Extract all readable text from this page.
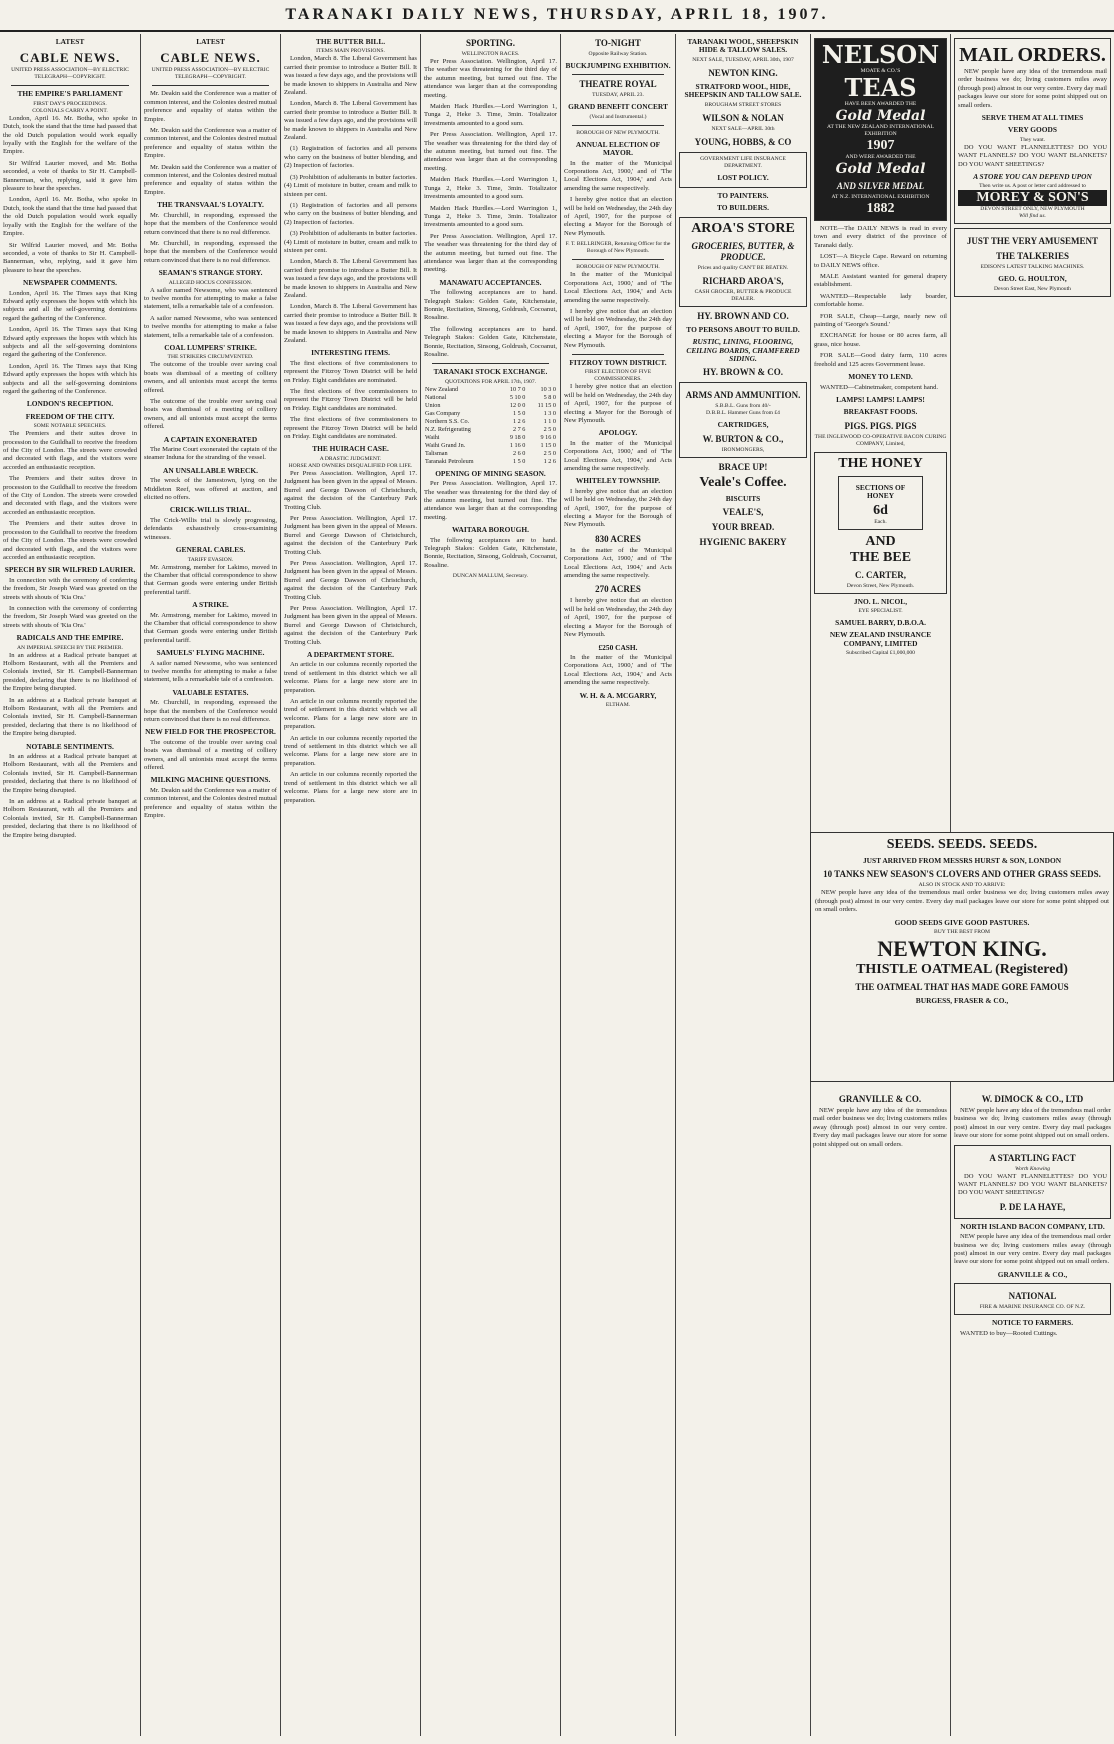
TARANAKI DAILY NEWS, THURSDAY, APRIL 18, 1907.
LATEST
CABLE NEWS.
UNITED PRESS ASSOCIATION—BY ELECTRIC TELEGRAPH—COPYRIGHT.
THE EMPIRE'S PARLIAMENT
FIRST DAY'S PROCEEDINGS.
COLONIALS CARRY A POINT.

London, April 16. Mr. Botha, who spoke in Dutch, took the stand that the time had passed that the old Dutch population would work equally loyally with the English for the welfare of the Empire.

Sir Wilfrid Laurier moved, and Mr. Botha seconded, a vote of thanks to Sir H. Campbell-Bannerman, who, replying, said it gave him pleasure to hear the speeches.

London, April 16. Mr. Botha, who spoke in Dutch, took the stand that the time had passed that the old Dutch population would work equally loyally with the English for the welfare of the Empire.

Sir Wilfrid Laurier moved, and Mr. Botha seconded, a vote of thanks to Sir H. Campbell-Bannerman, who, replying, said it gave him pleasure to hear the speeches.

NEWSPAPER COMMENTS.

London, April 16. The Times says that King Edward aptly expresses the hopes with which his subjects and all the self-governing dominions regard the gathering of the Conference.

London, April 16. The Times says that King Edward aptly expresses the hopes with which his subjects and all the self-governing dominions regard the gathering of the Conference.

London, April 16. The Times says that King Edward aptly expresses the hopes with which his subjects and all the self-governing dominions regard the gathering of the Conference.

LONDON'S RECEPTION.
FREEDOM OF THE CITY.
SOME NOTABLE SPEECHES.

The Premiers and their suites drove in procession to the Guildhall to receive the freedom of the City of London. The streets were crowded and decorated with flags, and the visitors were accorded an enthusiastic reception.

The Premiers and their suites drove in procession to the Guildhall to receive the freedom of the City of London. The streets were crowded and decorated with flags, and the visitors were accorded an enthusiastic reception.

The Premiers and their suites drove in procession to the Guildhall to receive the freedom of the City of London. The streets were crowded and decorated with flags, and the visitors were accorded an enthusiastic reception.

SPEECH BY SIR WILFRED LAURIER.

In connection with the ceremony of conferring the freedom, Sir Joseph Ward was greeted on the streets with shouts of 'Kia Ora.'

In connection with the ceremony of conferring the freedom, Sir Joseph Ward was greeted on the streets with shouts of 'Kia Ora.'

RADICALS AND THE EMPIRE.
AN IMPERIAL SPEECH BY THE PREMIER.

In an address at a Radical private banquet at Holborn Restaurant, with all the Premiers and Colonials invited, Sir H. Campbell-Bannerman presided, declaring that there is no likelihood of the Empire being disrupted.

In an address at a Radical private banquet at Holborn Restaurant, with all the Premiers and Colonials invited, Sir H. Campbell-Bannerman presided, declaring that there is no likelihood of the Empire being disrupted.

NOTABLE SENTIMENTS.

In an address at a Radical private banquet at Holborn Restaurant, with all the Premiers and Colonials invited, Sir H. Campbell-Bannerman presided, declaring that there is no likelihood of the Empire being disrupted.

In an address at a Radical private banquet at Holborn Restaurant, with all the Premiers and Colonials invited, Sir H. Campbell-Bannerman presided, declaring that there is no likelihood of the Empire being disrupted.

LATEST
CABLE NEWS.
UNITED PRESS ASSOCIATION—BY ELECTRIC TELEGRAPH—COPYRIGHT.

Mr. Deakin said the Conference was a matter of common interest, and the Colonies desired mutual preference and equality of status within the Empire.

Mr. Deakin said the Conference was a matter of common interest, and the Colonies desired mutual preference and equality of status within the Empire.

Mr. Deakin said the Conference was a matter of common interest, and the Colonies desired mutual preference and equality of status within the Empire.

THE TRANSVAAL'S LOYALTY.

Mr. Churchill, in responding, expressed the hope that the members of the Conference would return convinced that there is no real difference.

Mr. Churchill, in responding, expressed the hope that the members of the Conference would return convinced that there is no real difference.

SEAMAN'S STRANGE STORY.
ALLEGED HOCUS CONFESSION.

A sailor named Newsome, who was sentenced to twelve months for attempting to make a false statement, tells a remarkable tale of a confession.

A sailor named Newsome, who was sentenced to twelve months for attempting to make a false statement, tells a remarkable tale of a confession.

COAL LUMPERS' STRIKE.
THE STRIKERS CIRCUMVENTED.

The outcome of the trouble over saving coal boats was dismissal of a meeting of colliery owners, and all unionists must accept the terms offered.

The outcome of the trouble over saving coal boats was dismissal of a meeting of colliery owners, and all unionists must accept the terms offered.

A CAPTAIN EXONERATED

The Marine Court exonerated the captain of the steamer Induna for the stranding of the vessel.

AN UNSALLABLE WRECK.

The wreck of the Jamestown, lying on the Middleton Reef, was offered at auction, and elicited no offers.

CRICK-WILLIS TRIAL.

The Crick-Willis trial is slowly progressing, defendants exhaustively cross-examining witnesses.

GENERAL CABLES.
TARIFF EVASION.

Mr. Armstrong, member for Lakimo, moved in the Chamber that official correspondence to show that German goods were entering under British preferential tariff.

A STRIKE.

Mr. Armstrong, member for Lakimo, moved in the Chamber that official correspondence to show that German goods were entering under British preferential tariff.

SAMUELS' FLYING MACHINE.

A sailor named Newsome, who was sentenced to twelve months for attempting to make a false statement, tells a remarkable tale of a confession.

VALUABLE ESTATES.

Mr. Churchill, in responding, expressed the hope that the members of the Conference would return convinced that there is no real difference.

NEW FIELD FOR THE PROSPECTOR.

The outcome of the trouble over saving coal boats was dismissal of a meeting of colliery owners, and all unionists must accept the terms offered.

MILKING MACHINE QUESTIONS.

Mr. Deakin said the Conference was a matter of common interest, and the Colonies desired mutual preference and equality of status within the Empire.

THE BUTTER BILL.
ITEMS MAIN PROVISIONS.

London, March 8. The Liberal Government has carried their promise to introduce a Butter Bill. It was issued a few days ago, and the provisions will be made known to shippers in Australia and New Zealand.

London, March 8. The Liberal Government has carried their promise to introduce a Butter Bill. It was issued a few days ago, and the provisions will be made known to shippers in Australia and New Zealand.

(1) Registration of factories and all persons who carry on the business of butter blending, and (2) Inspection of factories.

(3) Prohibition of adulterants in butter factories. (4) Limit of moisture in butter, cream and milk to sixteen per cent.

(1) Registration of factories and all persons who carry on the business of butter blending, and (2) Inspection of factories.

(3) Prohibition of adulterants in butter factories. (4) Limit of moisture in butter, cream and milk to sixteen per cent.

London, March 8. The Liberal Government has carried their promise to introduce a Butter Bill. It was issued a few days ago, and the provisions will be made known to shippers in Australia and New Zealand.

London, March 8. The Liberal Government has carried their promise to introduce a Butter Bill. It was issued a few days ago, and the provisions will be made known to shippers in Australia and New Zealand.

INTERESTING ITEMS.

The first elections of five commissioners to represent the Fitzroy Town District will be held on Friday. Eight candidates are nominated.

The first elections of five commissioners to represent the Fitzroy Town District will be held on Friday. Eight candidates are nominated.

The first elections of five commissioners to represent the Fitzroy Town District will be held on Friday. Eight candidates are nominated.

THE HUIRACH CASE.
A DRASTIC JUDGMENT.
HORSE AND OWNERS DISQUALIFIED FOR LIFE.

Per Press Association. Wellington, April 17. Judgment has been given in the appeal of Messrs. Burrel and George Dawson of Christchurch, against the decision of the Canterbury Park Trotting Club.

Per Press Association. Wellington, April 17. Judgment has been given in the appeal of Messrs. Burrel and George Dawson of Christchurch, against the decision of the Canterbury Park Trotting Club.

Per Press Association. Wellington, April 17. Judgment has been given in the appeal of Messrs. Burrel and George Dawson of Christchurch, against the decision of the Canterbury Park Trotting Club.

Per Press Association. Wellington, April 17. Judgment has been given in the appeal of Messrs. Burrel and George Dawson of Christchurch, against the decision of the Canterbury Park Trotting Club.

A DEPARTMENT STORE.

An article in our columns recently reported the trend of settlement in this district which we all welcome. Plans for a large new store are in preparation.

An article in our columns recently reported the trend of settlement in this district which we all welcome. Plans for a large new store are in preparation.

An article in our columns recently reported the trend of settlement in this district which we all welcome. Plans for a large new store are in preparation.

An article in our columns recently reported the trend of settlement in this district which we all welcome. Plans for a large new store are in preparation.

SPORTING.
WELLINGTON RACES.

Per Press Association. Wellington, April 17. The weather was threatening for the third day of the autumn meeting, but turned out fine. The attendance was larger than at the corresponding meeting.

Maiden Hack Hurdles.—Lord Warrington 1, Tunga 2, Heke 3. Time, 3min. Totalizator investments amounted to a good sum.

Per Press Association. Wellington, April 17. The weather was threatening for the third day of the autumn meeting, but turned out fine. The attendance was larger than at the corresponding meeting.

Maiden Hack Hurdles.—Lord Warrington 1, Tunga 2, Heke 3. Time, 3min. Totalizator investments amounted to a good sum.

Maiden Hack Hurdles.—Lord Warrington 1, Tunga 2, Heke 3. Time, 3min. Totalizator investments amounted to a good sum.

Per Press Association. Wellington, April 17. The weather was threatening for the third day of the autumn meeting, but turned out fine. The attendance was larger than at the corresponding meeting.

MANAWATU ACCEPTANCES.

The following acceptances are to hand. Telegraph Stakes: Golden Gate, Kitchenstate, Bonnie, Recitation, Sinsong, Goldrush, Cocoanut, Rosaline.

The following acceptances are to hand. Telegraph Stakes: Golden Gate, Kitchenstate, Bonnie, Recitation, Sinsong, Goldrush, Cocoanut, Rosaline.

TARANAKI STOCK EXCHANGE.
QUOTATIONS FOR APRIL 17th, 1907.
New Zealand	10 7 0	10 3 0
National	5 10 0	5 8 0
Union	12 0 0	11 15 0
Gas Company	1 5 0	1 3 0
Northern S.S. Co.	1 2 6	1 1 0
N.Z. Refrigerating	2 7 6	2 5 0
Waihi	9 18 0	9 16 0
Waihi Grand Jn.	1 16 0	1 15 0
Talisman	2 6 0	2 5 0
Taranaki Petroleum	1 5 0	1 2 6
OPENING OF MINING SEASON.

Per Press Association. Wellington, April 17. The weather was threatening for the third day of the autumn meeting, but turned out fine. The attendance was larger than at the corresponding meeting.

WAITARA BOROUGH.

The following acceptances are to hand. Telegraph Stakes: Golden Gate, Kitchenstate, Bonnie, Recitation, Sinsong, Goldrush, Cocoanut, Rosaline.

DUNCAN MALLUM, Secretary.
TO-NIGHT
Opposite Railway Station.
BUCKJUMPING EXHIBITION.
THEATRE ROYAL
TUESDAY, APRIL 23.
GRAND BENEFIT CONCERT
(Vocal and Instrumental.)
BOROUGH OF NEW PLYMOUTH.
ANNUAL ELECTION OF MAYOR.

In the matter of the 'Municipal Corporations Act, 1900,' and of 'The Local Elections Act, 1904,' and Acts amending the same respectively.

I hereby give notice that an election will be held on Wednesday, the 24th day of April, 1907, for the purpose of electing a Mayor for the Borough of New Plymouth.

F. T. BELLRINGER, Returning Officer for the Borough of New Plymouth.
BOROUGH OF NEW PLYMOUTH.

In the matter of the 'Municipal Corporations Act, 1900,' and of 'The Local Elections Act, 1904,' and Acts amending the same respectively.

I hereby give notice that an election will be held on Wednesday, the 24th day of April, 1907, for the purpose of electing a Mayor for the Borough of New Plymouth.

FITZROY TOWN DISTRICT.
FIRST ELECTION OF FIVE COMMISSIONERS.

I hereby give notice that an election will be held on Wednesday, the 24th day of April, 1907, for the purpose of electing a Mayor for the Borough of New Plymouth.

APOLOGY.

In the matter of the 'Municipal Corporations Act, 1900,' and of 'The Local Elections Act, 1904,' and Acts amending the same respectively.

WHITELEY TOWNSHIP.

I hereby give notice that an election will be held on Wednesday, the 24th day of April, 1907, for the purpose of electing a Mayor for the Borough of New Plymouth.

830 ACRES

In the matter of the 'Municipal Corporations Act, 1900,' and of 'The Local Elections Act, 1904,' and Acts amending the same respectively.

270 ACRES

I hereby give notice that an election will be held on Wednesday, the 24th day of April, 1907, for the purpose of electing a Mayor for the Borough of New Plymouth.

£250 CASH.

In the matter of the 'Municipal Corporations Act, 1900,' and of 'The Local Elections Act, 1904,' and Acts amending the same respectively.

W. H. & A. MCGARRY,
ELTHAM.
TARANAKI WOOL, SHEEPSKIN HIDE & TALLOW SALES.
NEXT SALE, TUESDAY, APRIL 30th, 1907
NEWTON KING.
STRATFORD WOOL, HIDE, SHEEPSKIN AND TALLOW SALE.
BROUGHAM STREET STORES
WILSON & NOLAN
NEXT SALE—APRIL 30th
YOUNG, HOBBS, & CO
GOVERNMENT LIFE INSURANCE DEPARTMENT.
LOST POLICY.
TO PAINTERS.
TO BUILDERS.
AROA'S STORE
GROCERIES, BUTTER, & PRODUCE.
Prices and quality CAN'T BE BEATEN.
RICHARD AROA'S,
CASH GROCER, BUTTER & PRODUCE DEALER.
HY. BROWN AND CO.
TO PERSONS ABOUT TO BUILD.
RUSTIC, LINING, FLOORING, CEILING BOARDS, CHAMFERED SIDING.
HY. BROWN & CO.
ARMS AND AMMUNITION.
S.B.B.L. Guns from 40/-
D.B.B.L. Hammer Guns from £4
CARTRIDGES,
W. BURTON & CO.,
IRONMONGERS,
BRACE UP!
Veale's Coffee.
BISCUITS
VEALE'S,
YOUR BREAD.
HYGIENIC BAKERY
NELSON
MOATE & CO.'S
TEAS
HAVE BEEN AWARDED THE
Gold Medal
AT THE NEW ZEALAND INTERNATIONAL EXHIBITION
1907
AND WERE AWARDED THE
Gold Medal
AND SILVER MEDAL
AT N.Z. INTERNATIONAL EXHIBITION
1882

NOTE—The DAILY NEWS is read in every town and every district of the province of Taranaki daily.

LOST—A Bicycle Cape. Reward on returning to DAILY NEWS office.

MALE Assistant wanted for general drapery establishment.

WANTED—Respectable lady boarder, comfortable home.

FOR SALE, Cheap—Large, nearly new oil painting of 'George's Sound.'

EXCHANGE for house or 80 acres farm, all grass, nice house.

FOR SALE—Good dairy farm, 110 acres freehold and 125 acres Government lease.

MONEY TO LEND.

WANTED—Cabinetmaker, competent hand.

LAMPS! LAMPS! LAMPS!
BREAKFAST FOODS.
PIGS. PIGS. PIGS
THE INGLEWOOD CO-OPERATIVE BACON CURING COMPANY, Limited,
THE HONEY
SECTIONS OF HONEY
6d
Each.
AND
THE BEE
C. CARTER,
Devon Street, New Plymouth.
JNO. L. NICOL,
EYE SPECIALIST.
SAMUEL BARRY, D.B.O.A.
NEW ZEALAND INSURANCE COMPANY, LIMITED
Subscribed Capital £1,000,000
MAIL ORDERS.

NEW people have any idea of the tremendous mail order business we do; living customers miles away (through post) almost in our very centre. Every day mail packages leave our store for some point shipped out on small orders.

SERVE THEM AT ALL TIMES
VERY GOODS
They want.

DO YOU WANT FLANNELETTES? DO YOU WANT FLANNELS? DO YOU WANT BLANKETS? DO YOU WANT SHEETINGS?

A STORE YOU CAN DEPEND UPON
Then write us. A post or letter card addressed to
MOREY & SON'S
DEVON STREET ONLY, NEW PLYMOUTH
Will find us.
JUST THE VERY AMUSEMENT
THE TALKERIES
EDISON'S LATEST TALKING MACHINES.
GEO. G. HOULTON,
Devon Street East, New Plymouth
SEEDS. SEEDS. SEEDS.
JUST ARRIVED FROM MESSRS HURST & SON, LONDON
10 TANKS NEW SEASON'S CLOVERS AND OTHER GRASS SEEDS.
ALSO IN STOCK AND TO ARRIVE:

NEW people have any idea of the tremendous mail order business we do; living customers miles away (through post) almost in our very centre. Every day mail packages leave our store for some point shipped out on small orders.

GOOD SEEDS GIVE GOOD PASTURES.
BUY THE BEST FROM
NEWTON KING.
THISTLE OATMEAL (Registered)
THE OATMEAL THAT HAS MADE GORE FAMOUS
BURGESS, FRASER & CO.,
W. DIMOCK & CO., LTD

NEW people have any idea of the tremendous mail order business we do; living customers miles away (through post) almost in our very centre. Every day mail packages leave our store for some point shipped out on small orders.

A STARTLING FACT
Worth Knowing

DO YOU WANT FLANNELETTES? DO YOU WANT FLANNELS? DO YOU WANT BLANKETS? DO YOU WANT SHEETINGS?

P. DE LA HAYE,
NORTH ISLAND BACON COMPANY, LTD.

NEW people have any idea of the tremendous mail order business we do; living customers miles away (through post) almost in our very centre. Every day mail packages leave our store for some point shipped out on small orders.

GRANVILLE & CO.,
NATIONAL
FIRE & MARINE INSURANCE CO. OF N.Z.
NOTICE TO FARMERS.

WANTED to buy—Rooted Cuttings.

GRANVILLE & CO.

NEW people have any idea of the tremendous mail order business we do; living customers miles away (through post) almost in our very centre. Every day mail packages leave our store for some point shipped out on small orders.
